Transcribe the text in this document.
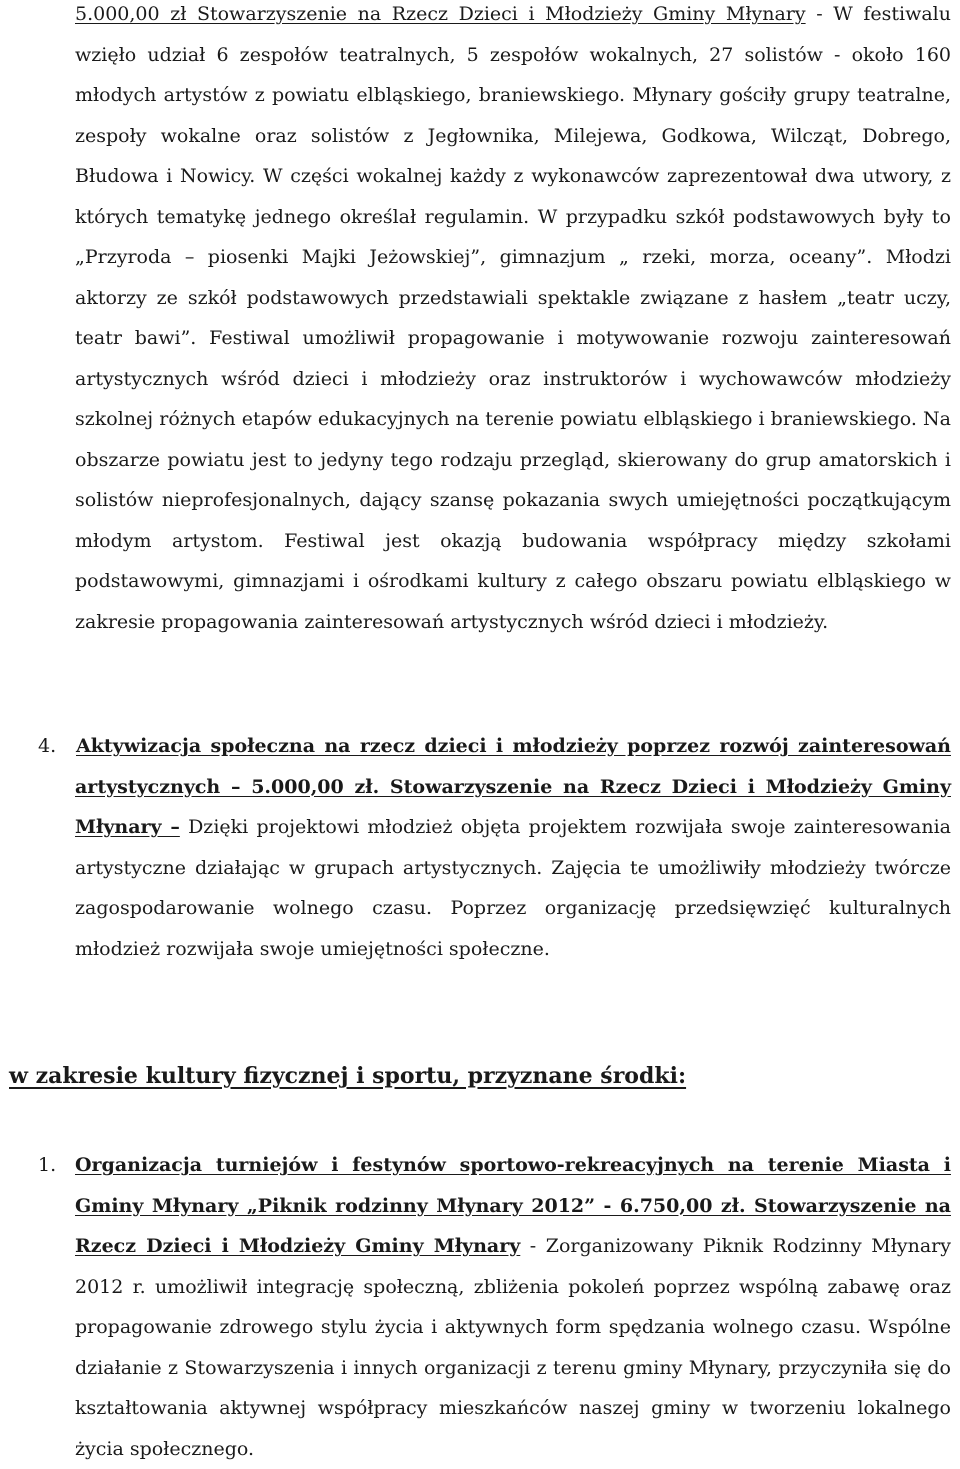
5.000,00 zł Stowarzyszenie na Rzecz Dzieci i Młodzieży Gminy Młynary - W festiwalu wzięło udział 6 zespołów teatralnych, 5 zespołów wokalnych, 27 solistów - około 160 młodych artystów z powiatu elbląskiego, braniewskiego. Młynary gościły grupy teatralne, zespoły wokalne oraz solistów z Jegłownika, Milejewa, Godkowa, Wilcząt, Dobrego, Błudowa i Nowicy. W części wokalnej każdy z wykonawców zaprezentował dwa utwory, z których tematykę jednego określał regulamin. W przypadku szkół podstawowych były to „Przyroda – piosenki Majki Jeżowskiej”, gimnazjum „ rzeki, morza, oceany”. Młodzi aktorzy ze szkół podstawowych przedstawiali spektakle związane z hasłem „teatr uczy, teatr bawi”. Festiwal umożliwił propagowanie i motywowanie rozwoju zainteresowań artystycznych wśród dzieci i młodzieży oraz instruktorów i wychowawców młodzieży szkolnej różnych etapów edukacyjnych na terenie powiatu elbląskiego i braniewskiego. Na obszarze powiatu jest to jedyny tego rodzaju przegląd, skierowany do grup amatorskich i solistów nieprofesjonalnych, dający szansę pokazania swych umiejętności początkującym młodym artystom. Festiwal jest okazją budowania współpracy między szkołami podstawowymi, gimnazjami i ośrodkami kultury z całego obszaru powiatu elbląskiego w zakresie propagowania zainteresowań artystycznych wśród dzieci i młodzieży.

4. Aktywizacja społeczna na rzecz dzieci i młodzieży poprzez rozwój zainteresowań artystycznych – 5.000,00 zł. Stowarzyszenie na Rzecz Dzieci i Młodzieży Gminy Młynary – Dzięki projektowi młodzież objęta projektem rozwijała swoje zainteresowania artystyczne działając w grupach artystycznych. Zajęcia te umożliwiły młodzieży twórcze zagospodarowanie wolnego czasu. Poprzez organizację przedsięwzięć kulturalnych młodzież rozwijała swoje umiejętności społeczne.

w zakresie kultury fizycznej i sportu, przyznane środki:
1. Organizacja turniejów i festynów sportowo-rekreacyjnych na terenie Miasta i Gminy Młynary „Piknik rodzinny Młynary 2012” - 6.750,00 zł. Stowarzyszenie na Rzecz Dzieci i Młodzieży Gminy Młynary - Zorganizowany Piknik Rodzinny Młynary 2012 r. umożliwił integrację społeczną, zbliżenia pokoleń poprzez wspólną zabawę oraz propagowanie zdrowego stylu życia i aktywnych form spędzania wolnego czasu. Wspólne działanie z Stowarzyszenia i innych organizacji z terenu gminy Młynary, przyczyniła się do kształtowania aktywnej współpracy mieszkańców naszej gminy w tworzeniu lokalnego życia społecznego.
